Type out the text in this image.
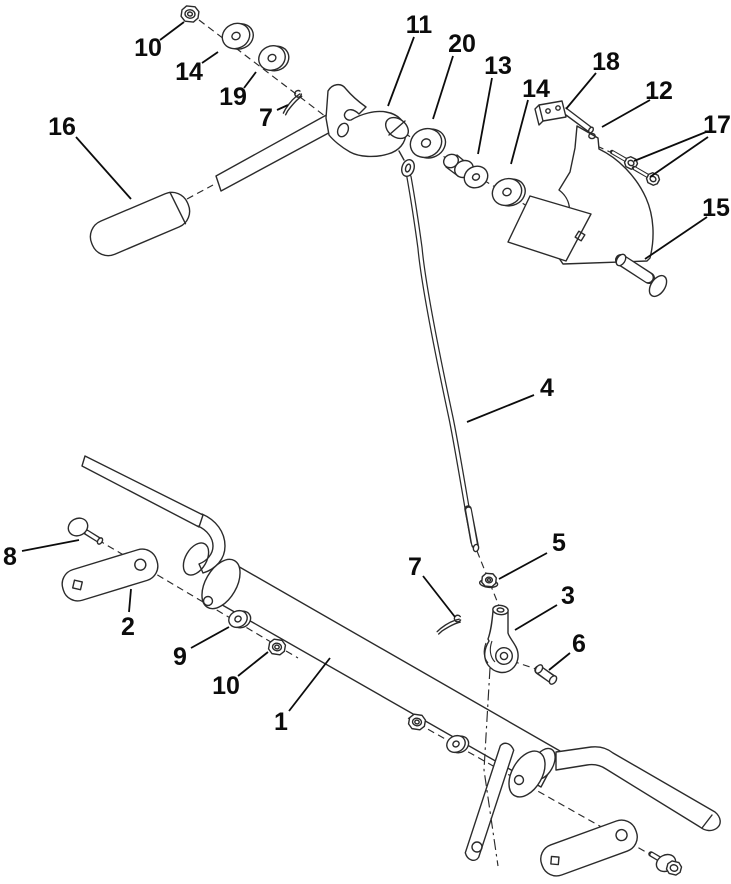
1
2
3
4
5
6
7
7
8
9
10
10
11
12
13
14
14
15
16	17
18
19
20
